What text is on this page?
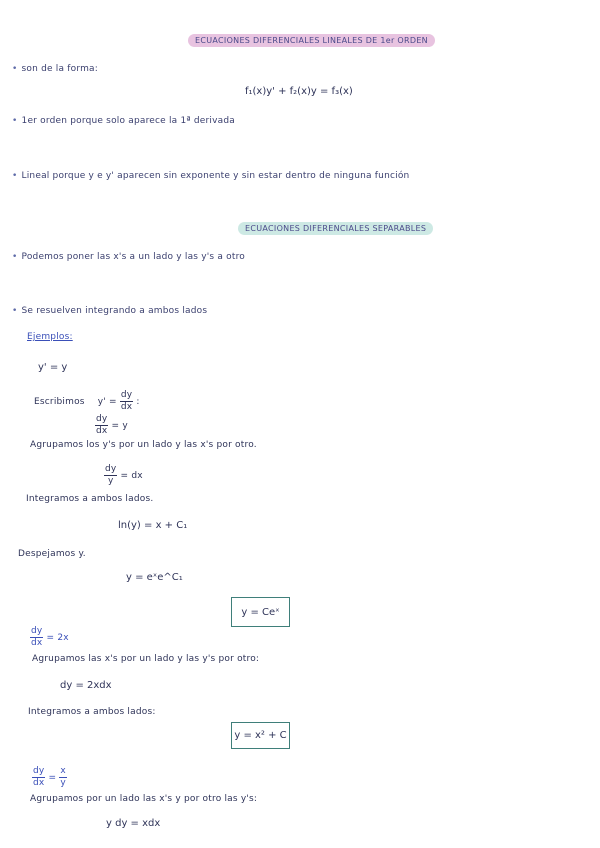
ECUACIONES DIFERENCIALES LINEALES DE 1er ORDEN
• son de la forma:
f₁(x)y' + f₂(x)y = f₃(x)
• 1er orden porque solo aparece la 1ª derivada
• Lineal porque y e y' aparecen sin exponente y sin estar dentro de ninguna función
ECUACIONES DIFERENCIALES SEPARABLES
• Podemos poner las x's a un lado y las y's a otro
• Se resuelven integrando a ambos lados
Ejemplos:
y' = y
Escribimos $y' = \frac{dy}{dx}$ :
$\frac{dy}{dx} = y$
Agrupamos los y's por un lado y las x's por otro.
$\frac{dy}{y}$ = dx
Integramos a ambos lados.
ln(y) = x + C₁
Despejamos y.
y = eˣe^C₁
y = Ceˣ
$\frac{dy}{dx} = 2x$
Agrupamos las x's por un lado y las y's por otro:
dy = 2xdx
Integramos a ambos lados:
y = x² + C
$\frac{dy}{dx} = \frac{x}{y}$
Agrupamos por un lado las x's y por otro las y's:
y dy = xdx
